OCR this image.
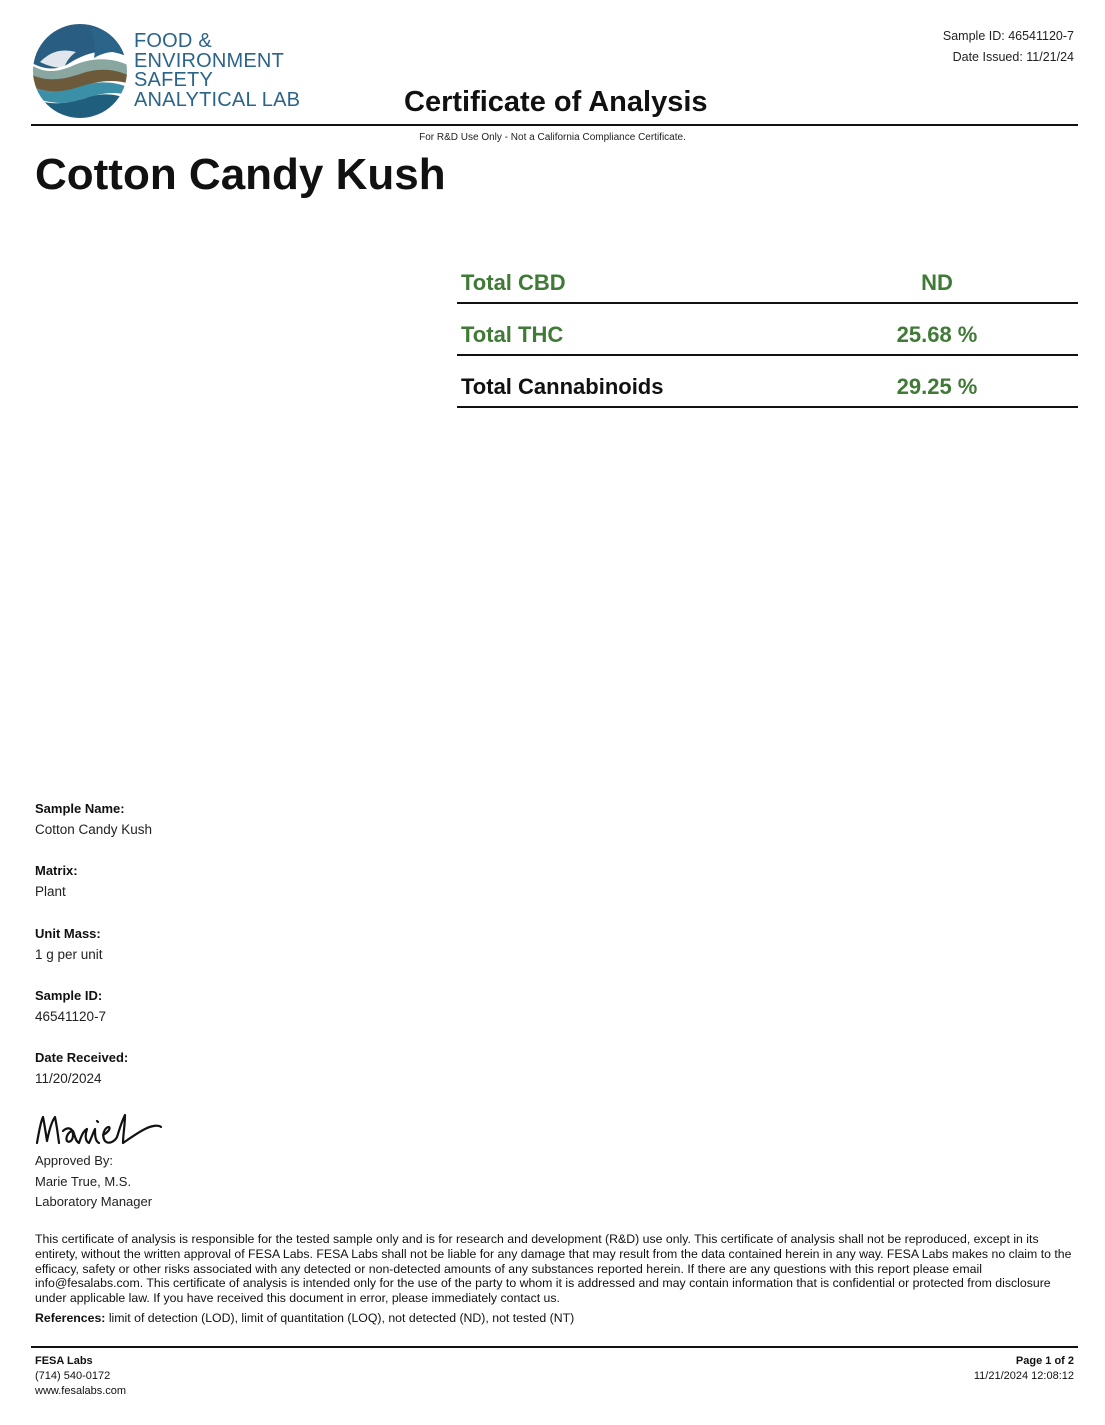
FOOD &
ENVIRONMENT
SAFETY
ANALYTICAL LAB
Sample ID: 46541120-7
Date Issued: 11/21/24
Certificate of Analysis
For R&D Use Only - Not a California Compliance Certificate.
Cotton Candy Kush
Total CBD	ND
Total THC	25.68 %
Total Cannabinoids	29.25 %
Sample Name:
Cotton Candy Kush
Matrix:
Plant
Unit Mass:
1 g per unit
Sample ID:
46541120-7
Date Received:
11/20/2024
Approved By:
Marie True, M.S.
Laboratory Manager
This certificate of analysis is responsible for the tested sample only and is for research and development (R&D) use only. This certificate of analysis shall not be reproduced, except in its entirety, without the written approval of FESA Labs. FESA Labs shall not be liable for any damage that may result from the data contained herein in any way. FESA Labs makes no claim to the efficacy, safety or other risks associated with any detected or non-detected amounts of any substances reported herein. If there are any questions with this report please email info@fesalabs.com. This certificate of analysis is intended only for the use of the party to whom it is addressed and may contain information that is confidential or protected from disclosure under applicable law. If you have received this document in error, please immediately contact us.
References: limit of detection (LOD), limit of quantitation (LOQ), not detected (ND), not tested (NT)
FESA Labs
(714) 540-0172
www.fesalabs.com
Page 1 of 2
11/21/2024 12:08:12
